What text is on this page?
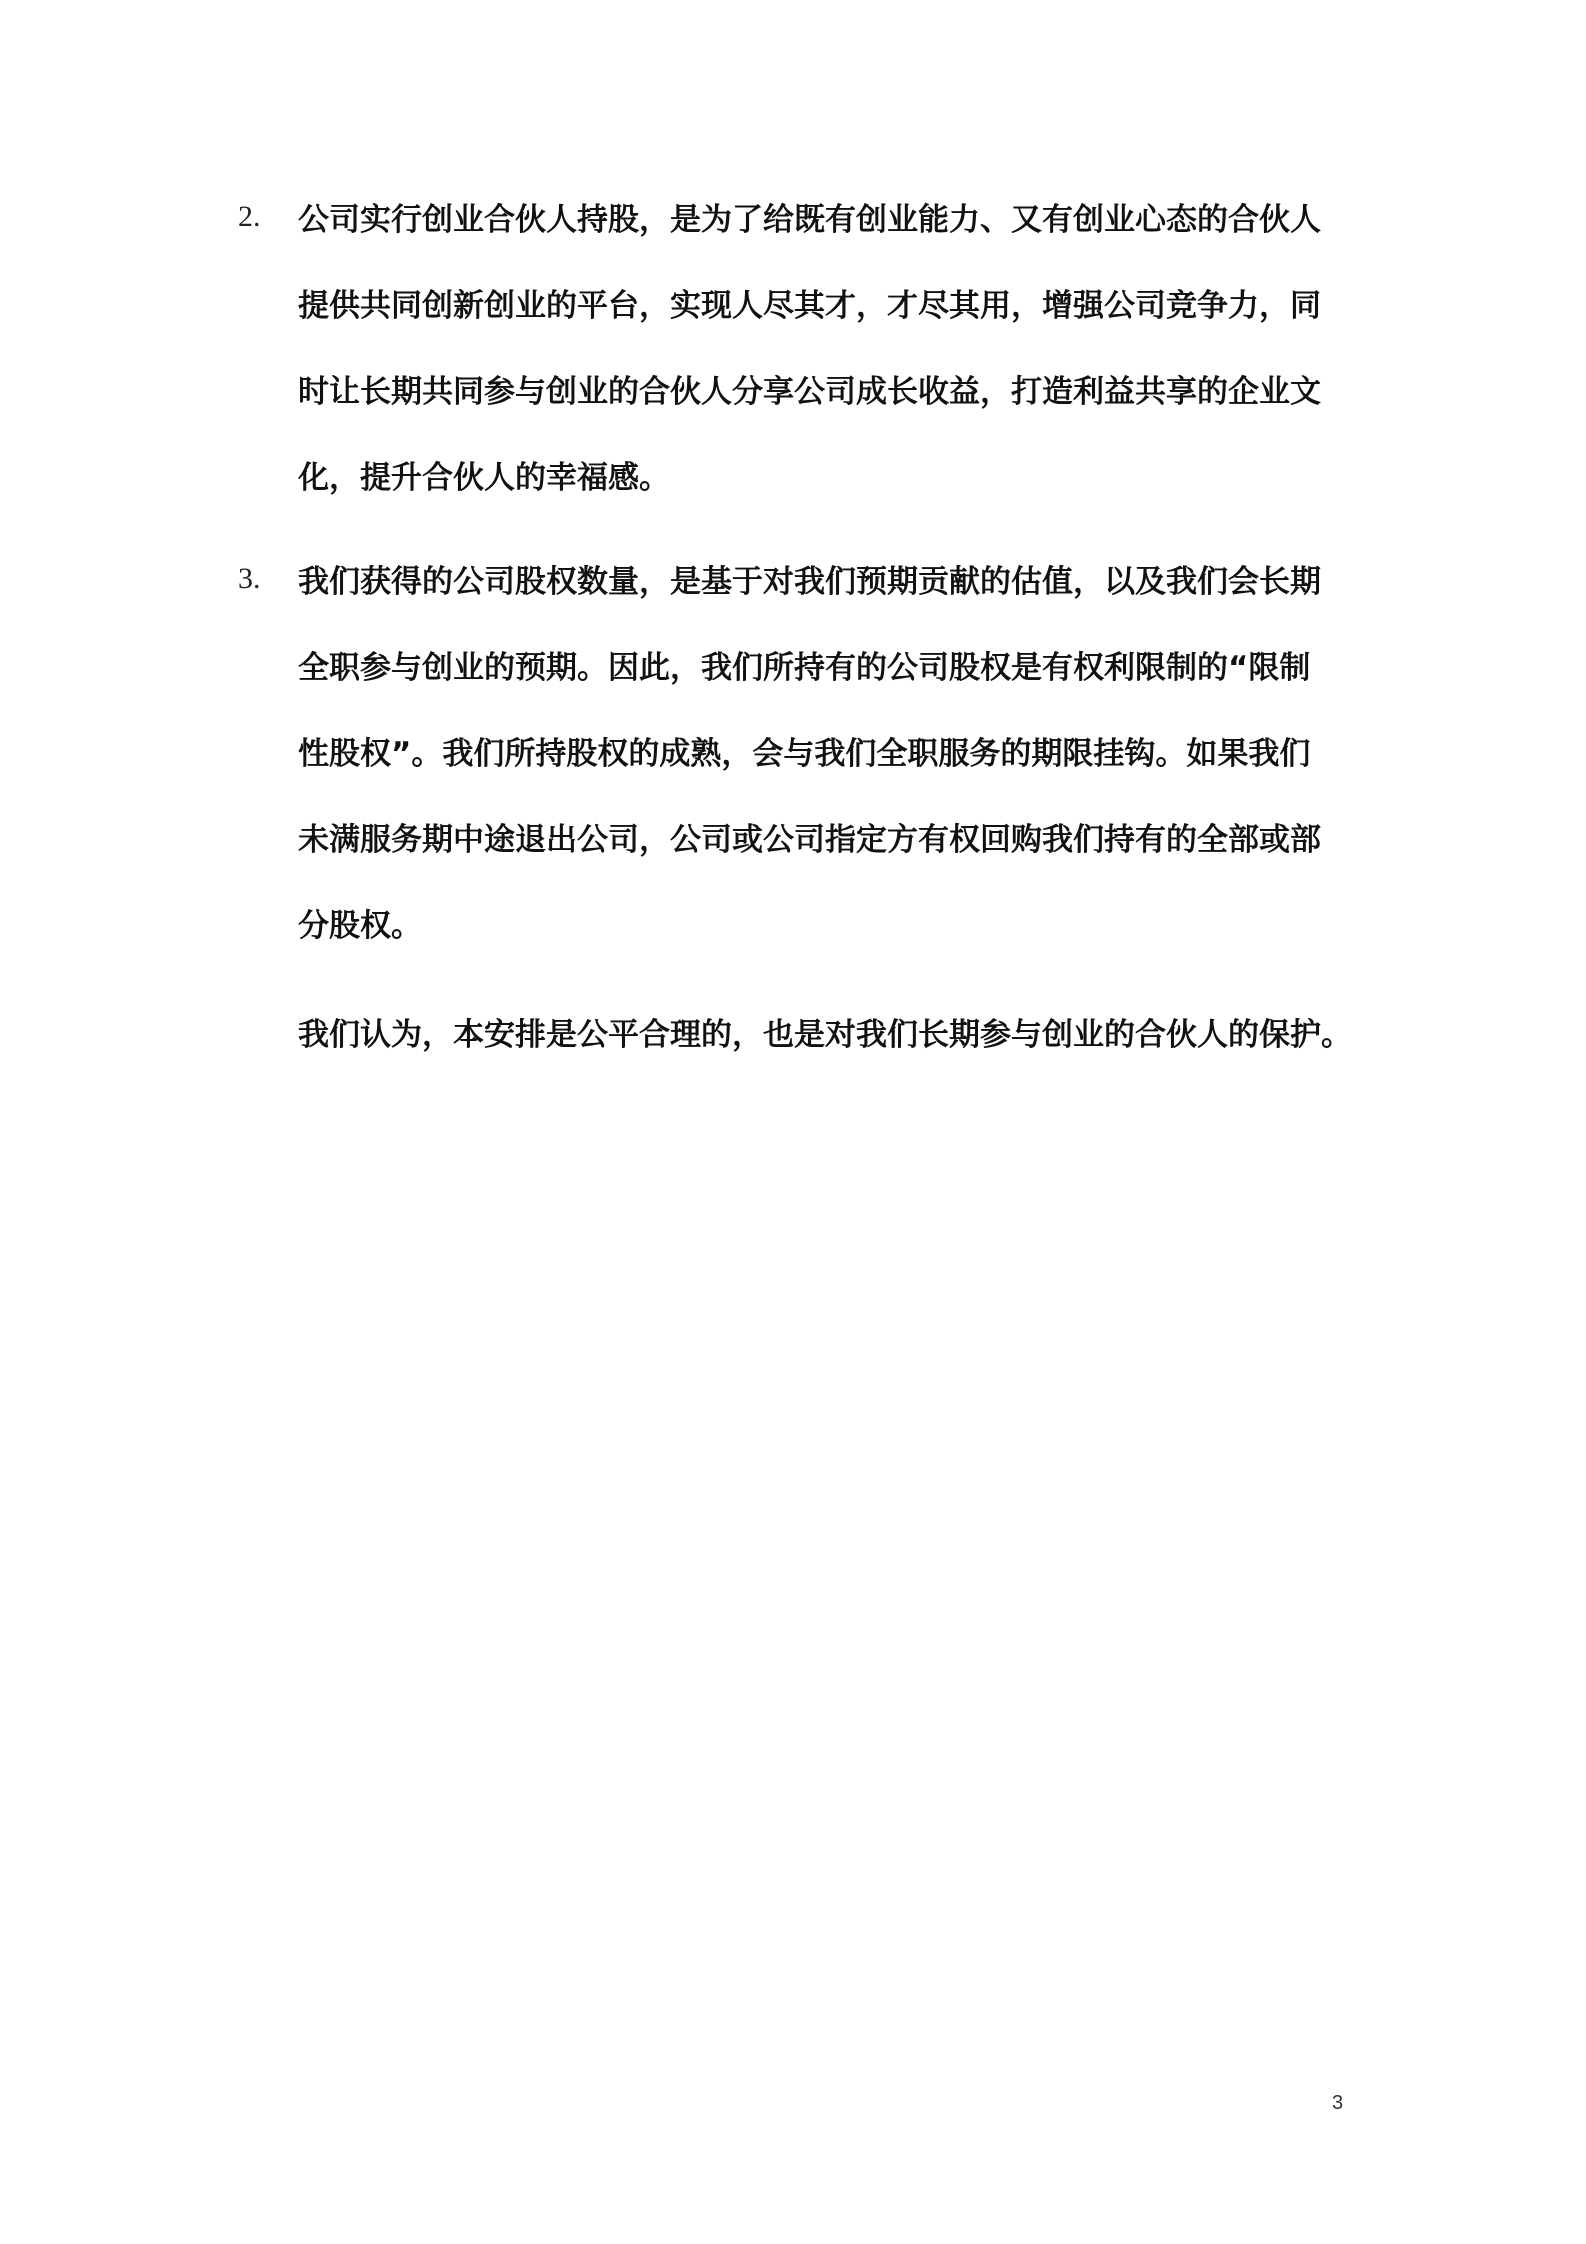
2.	公司实行创业合伙人持股，是为了给既有创业能力、又有创业心态的合伙人
提供共同创新创业的平台，实现人尽其才，才尽其用，增强公司竞争力，同
时让长期共同参与创业的合伙人分享公司成长收益，打造利益共享的企业文
化，提升合伙人的幸福感。
3.	我们获得的公司股权数量，是基于对我们预期贡献的估值，以及我们会长期
全职参与创业的预期。因此，我们所持有的公司股权是有权利限制的“限制
性股权”。我们所持股权的成熟，会与我们全职服务的期限挂钩。如果我们
未满服务期中途退出公司，公司或公司指定方有权回购我们持有的全部或部
分股权。
我们认为，本安排是公平合理的，也是对我们长期参与创业的合伙人的保护。
3
